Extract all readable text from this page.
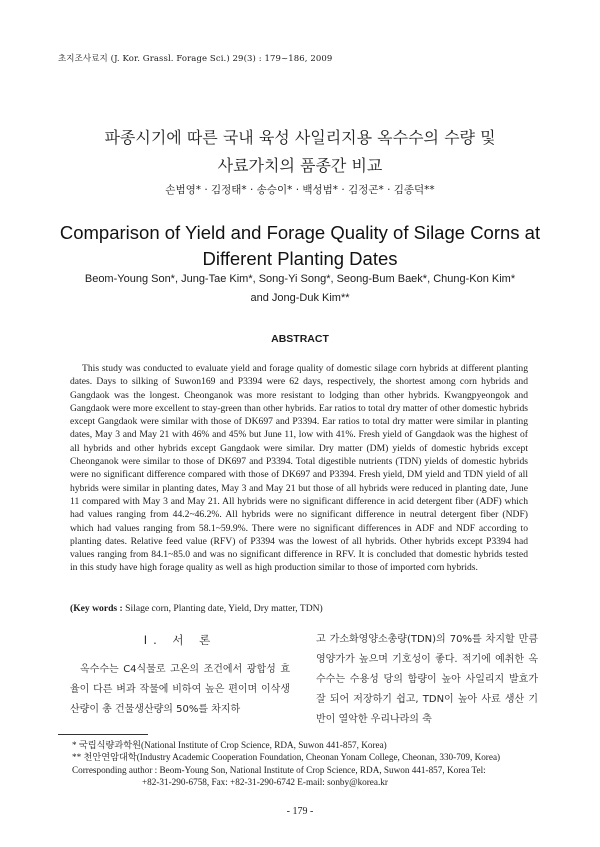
초지조사료지 (J. Kor. Grassl. Forage Sci.) 29(3) : 179~186, 2009
파종시기에 따른 국내 육성 사일리지용 옥수수의 수량 및
사료가치의 품종간 비교
손범영* · 김정태* · 송승이* · 백성범* · 김정곤* · 김종덕**
Comparison of Yield and Forage Quality of Silage Corns at
Different Planting Dates
Beom-Young Son*, Jung-Tae Kim*, Song-Yi Song*, Seong-Bum Baek*, Chung-Kon Kim*
and Jong-Duk Kim**
ABSTRACT

This study was conducted to evaluate yield and forage quality of domestic silage corn hybrids at different planting dates. Days to silking of Suwon169 and P3394 were 62 days, respectively, the shortest among corn hybrids and Gangdaok was the longest. Cheonganok was more resistant to lodging than other hybrids. Kwangpyeongok and Gangdaok were more excellent to stay-green than other hybrids. Ear ratios to total dry matter of other domestic hybrids except Gangdaok were similar with those of DK697 and P3394. Ear ratios to total dry matter were similar in planting dates, May 3 and May 21 with 46% and 45% but June 11, low with 41%. Fresh yield of Gangdaok was the highest of all hybrids and other hybrids except Gangdaok were similar. Dry matter (DM) yields of domestic hybrids except Cheonganok were similar to those of DK697 and P3394. Total digestible nutrients (TDN) yields of domestic hybrids were no significant difference compared with those of DK697 and P3394. Fresh yield, DM yield and TDN yield of all hybrids were similar in planting dates, May 3 and May 21 but those of all hybrids were reduced in planting date, June 11 compared with May 3 and May 21. All hybrids were no significant difference in acid detergent fiber (ADF) which had values ranging from 44.2~46.2%. All hybrids were no significant difference in neutral detergent fiber (NDF) which had values ranging from 58.1~59.9%. There were no significant differences in ADF and NDF according to planting dates. Relative feed value (RFV) of P3394 was the lowest of all hybrids. Other hybrids except P3394 had values ranging from 84.1~85.0 and was no significant difference in RFV. It is concluded that domestic hybrids tested in this study have high forage quality as well as high production similar to those of imported corn hybrids.

(Key words : Silage corn, Planting date, Yield, Dry matter, TDN)
I. 서 론

옥수수는 C4식물로 고온의 조건에서 광합성 효율이 다른 벼과 작물에 비하여 높은 편이며 이삭생산량이 총 건물생산량의 50%를 차지하

고 가소화영양소총량(TDN)의 70%를 차지할 만큼 영양가가 높으며 기호성이 좋다. 적기에 예취한 옥수수는 수용성 당의 함량이 높아 사일리지 발효가 잘 되어 저장하기 쉽고, TDN이 높아 사료 생산 기반이 열악한 우리나라의 축

* 국립식량과학원(National Institute of Crop Science, RDA, Suwon 441-857, Korea)
** 천안연암대학(Industry Academic Cooperation Foundation, Cheonan Yonam College, Cheonan, 330-709, Korea)
Corresponding author : Beom-Young Son, National Institute of Crop Science, RDA, Suwon 441-857, Korea Tel:
+82-31-290-6758, Fax: +82-31-290-6742 E-mail: sonby@korea.kr
- 179 -
